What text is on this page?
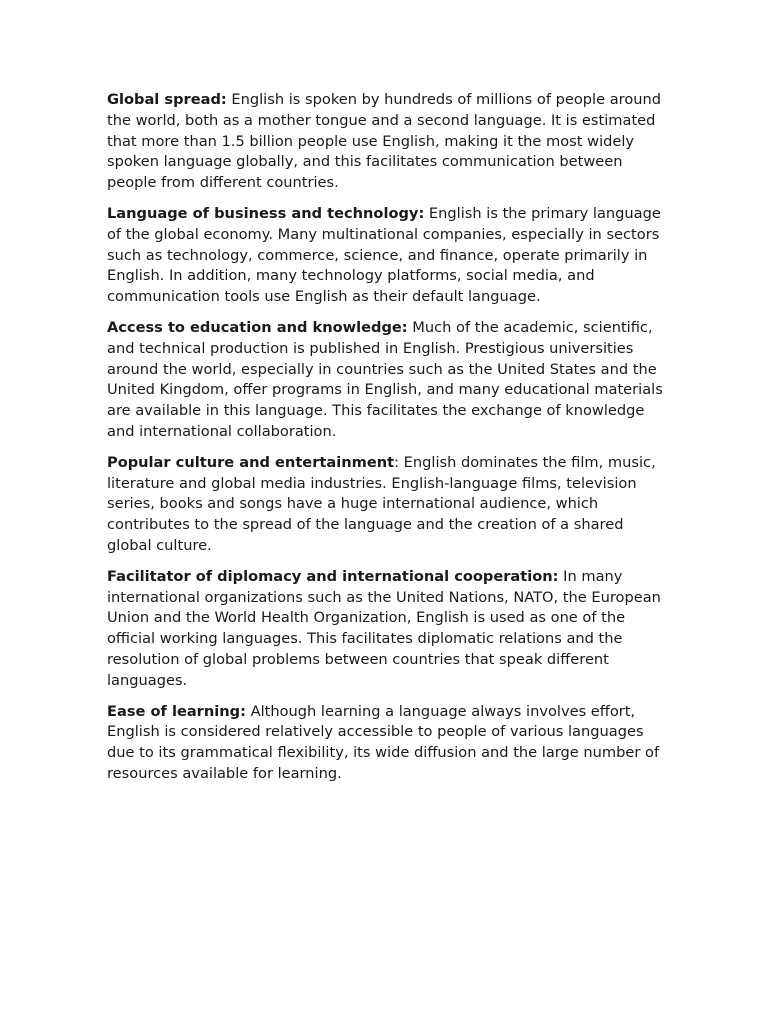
Global spread: English is spoken by hundreds of millions of people around the world, both as a mother tongue and a second language. It is estimated that more than 1.5 billion people use English, making it the most widely spoken language globally, and this facilitates communication between people from different countries.

Language of business and technology: English is the primary language of the global economy. Many multinational companies, especially in sectors such as technology, commerce, science, and finance, operate primarily in English. In addition, many technology platforms, social media, and communication tools use English as their default language.

Access to education and knowledge: Much of the academic, scientific, and technical production is published in English. Prestigious universities around the world, especially in countries such as the United States and the United Kingdom, offer programs in English, and many educational materials are available in this language. This facilitates the exchange of knowledge and international collaboration.

Popular culture and entertainment: English dominates the film, music, literature and global media industries. English-language films, television series, books and songs have a huge international audience, which contributes to the spread of the language and the creation of a shared global culture.

Facilitator of diplomacy and international cooperation: In many international organizations such as the United Nations, NATO, the European Union and the World Health Organization, English is used as one of the official working languages. This facilitates diplomatic relations and the resolution of global problems between countries that speak different languages.

Ease of learning: Although learning a language always involves effort, English is considered relatively accessible to people of various languages due to its grammatical flexibility, its wide diffusion and the large number of resources available for learning.
